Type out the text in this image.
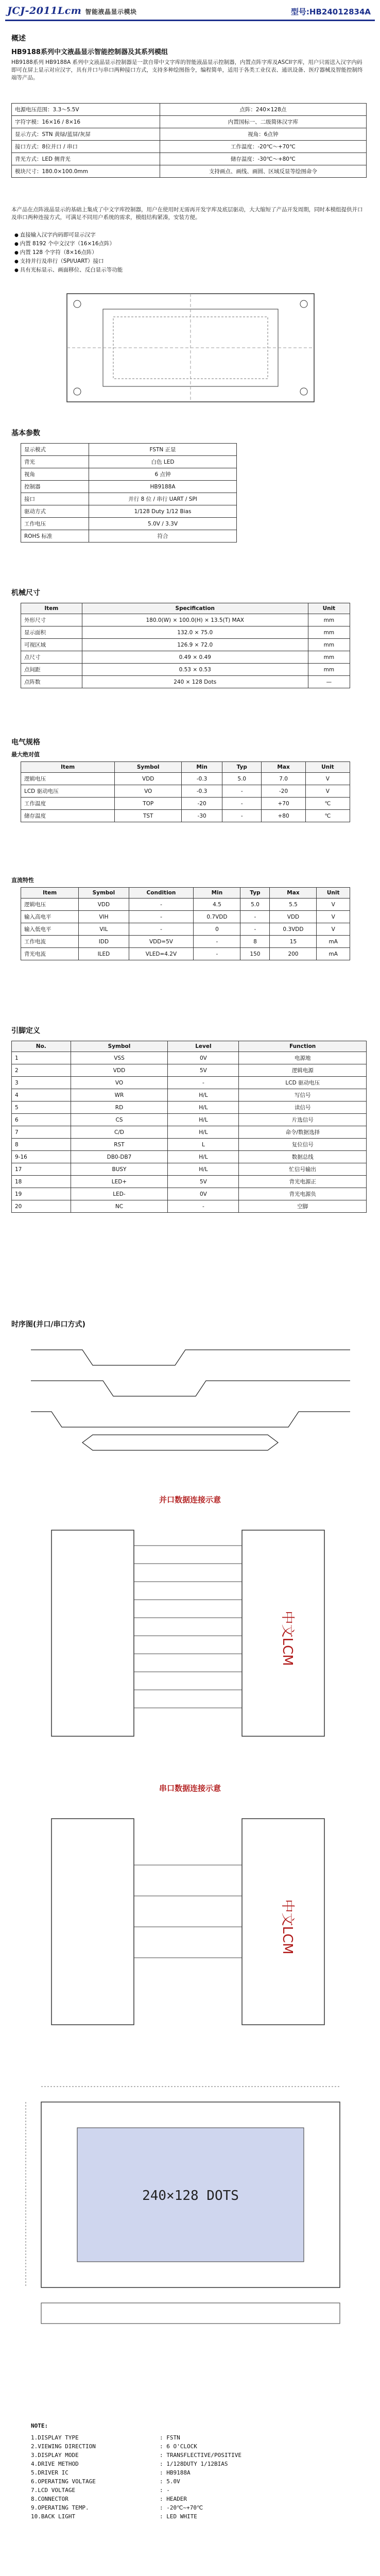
JCJ-2011Lcm 智能液晶显示模块	型号:HB24012834A
概述
HB9188系列中文液晶显示智能控制器及其系列模组
HB9188系列 HB9188A 系列中文液晶显示控制器是一款自带中文字库的智能液晶显示控制器，内置点阵字库及ASCII字库，用户只需送入汉字内码即可在屏上显示对应汉字，具有并口与串口两种接口方式，支持多种绘图指令，编程简单，适用于各类工业仪表、通讯设备、医疗器械及智能控制终端等产品。
电源电压范围：3.3～5.5V	点阵：240×128点
字符字模：16×16 / 8×16	内置国标一、二级简体汉字库
显示方式：STN 黄绿/蓝屏/灰屏	视角：6点钟
接口方式：8位并口 / 串口	工作温度：-20℃～+70℃
背光方式：LED 侧背光	储存温度：-30℃～+80℃
模块尺寸：180.0×100.0mm	支持画点、画线、画圆、区域反显等绘图命令
本产品在点阵液晶显示的基础上集成了中文字库控制器，用户在使用时无需再开发字库及底层驱动，大大缩短了产品开发周期，同时本模组提供并口及串口两种连接方式，可满足不同用户系统的需求，模组结构紧凑，安装方便。
● 直接输入汉字内码即可显示汉字
● 内置 8192 个中文汉字（16×16点阵）
● 内置 128 个字符（8×16点阵）
● 支持并行及串行（SPI/UART）接口
● 具有光标显示、画面移位、反白显示等功能
基本参数
显示模式	FSTN 正显
背光	白色 LED
视角	6 点钟
控制器	HB9188A
接口	并行 8 位 / 串行 UART / SPI
驱动方式	1/128 Duty 1/12 Bias
工作电压	5.0V / 3.3V
ROHS 标准	符合
机械尺寸
Item	Specification	Unit
外形尺寸	180.0(W) × 100.0(H) × 13.5(T) MAX	mm
显示面积	132.0 × 75.0	mm
可视区域	126.9 × 72.0	mm
点尺寸	0.49 × 0.49	mm
点间距	0.53 × 0.53	mm
点阵数	240 × 128 Dots	—
电气规格
最大绝对值
Item	Symbol	Min	Typ	Max	Unit
逻辑电压	VDD	-0.3	5.0	7.0	V
LCD 驱动电压	VO	-0.3	-	-20	V
工作温度	TOP	-20	-	+70	℃
储存温度	TST	-30	-	+80	℃
直流特性
Item	Symbol	Condition	Min	Typ	Max	Unit
逻辑电压	VDD	-	4.5	5.0	5.5	V
输入高电平	VIH	-	0.7VDD	-	VDD	V
输入低电平	VIL	-	0	-	0.3VDD	V
工作电流	IDD	VDD=5V	-	8	15	mA
背光电流	ILED	VLED=4.2V	-	150	200	mA
引脚定义
No.	Symbol	Level	Function
1	VSS	0V	电源地
2	VDD	5V	逻辑电源
3	VO	-	LCD 驱动电压
4	WR	H/L	写信号
5	RD	H/L	读信号
6	CS	H/L	片选信号
7	C/D	H/L	命令/数据选择
8	RST	L	复位信号
9-16	DB0-DB7	H/L	数据总线
17	BUSY	H/L	忙信号输出
18	LED+	5V	背光电源正
19	LED-	0V	背光电源负
20	NC	-	空脚
时序图(并口/串口方式)
并口数据连接示意
中文LCM
串口数据连接示意
中文LCM
240×128 DOTS
NOTE:
1.DISPLAY TYPE	: FSTN
2.VIEWING DIRECTION	: 6 O'CLOCK
3.DISPLAY MODE	: TRANSFLECTIVE/POSITIVE
4.DRIVE METHOD	: 1/128DUTY 1/12BIAS
5.DRIVER IC	: HB9188A
6.OPERATING VOLTAGE	: 5.0V
7.LCD VOLTAGE	: -
8.CONNECTOR	: HEADER
9.OPERATING TEMP.	: -20℃~+70℃
10.BACK LIGHT	: LED WHITE
